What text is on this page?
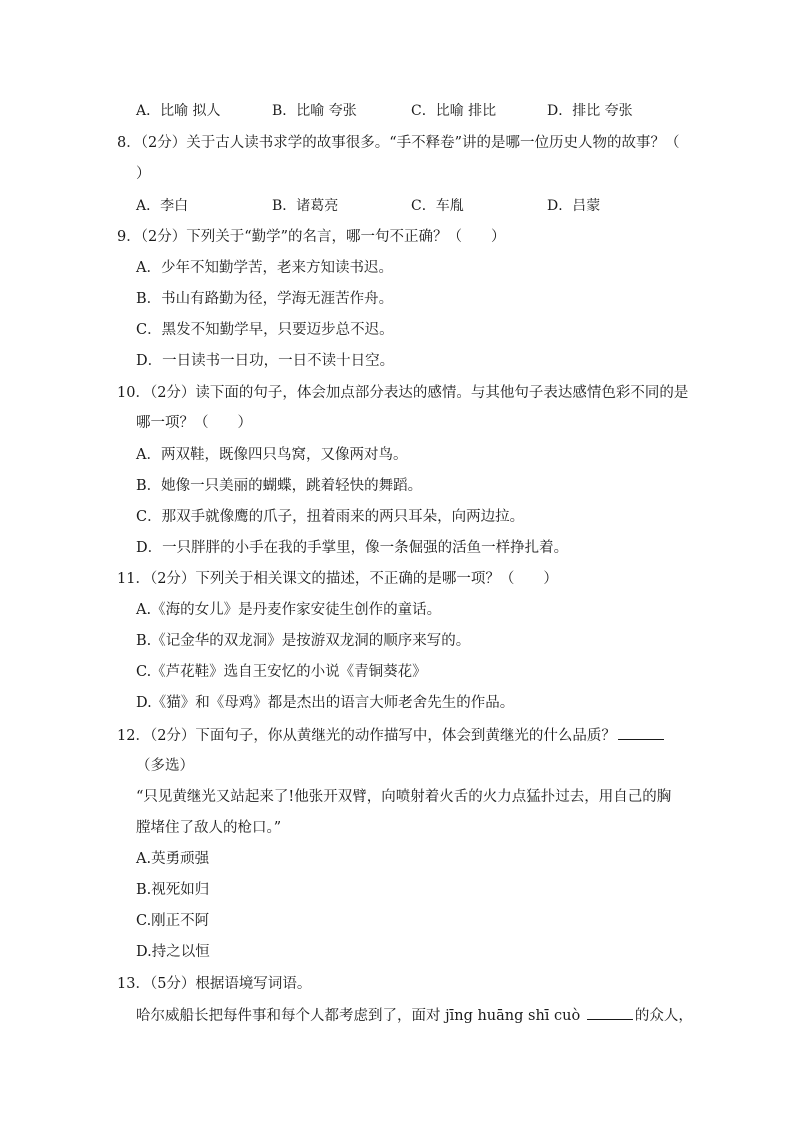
A．比喻 拟人	B．比喻 夸张	C．比喻 排比	D．排比 夸张
8．（2分）关于古人读书求学的故事很多。“手不释卷”讲的是哪一位历史人物的故事？（
）
A．李白	B．诸葛亮	C．车胤	D．吕蒙
9．（2分）下列关于“勤学”的名言，哪一句不正确？（　　）
A．少年不知勤学苦，老来方知读书迟。
B．书山有路勤为径，学海无涯苦作舟。
C．黑发不知勤学早，只要迈步总不迟。
D．一日读书一日功，一日不读十日空。
10．（2分）读下面的句子，体会加点部分表达的感情。与其他句子表达感情色彩不同的是
哪一项？（　　）
A．两双鞋，既像四只鸟窝，又像两对鸟。
B．她像一只美丽的蝴蝶，跳着轻快的舞蹈。
C．那双手就像鹰的爪子，扭着雨来的两只耳朵，向两边拉。
D．一只胖胖的小手在我的手掌里，像一条倔强的活鱼一样挣扎着。
11．（2分）下列关于相关课文的描述，不正确的是哪一项？（　　）
A.《海的女儿》是丹麦作家安徒生创作的童话。
B.《记金华的双龙洞》是按游双龙洞的顺序来写的。
C.《芦花鞋》选自王安忆的小说《青铜葵花》
D.《猫》和《母鸡》都是杰出的语言大师老舍先生的作品。
12．（2分）下面句子，你从黄继光的动作描写中，体会到黄继光的什么品质？
（多选）
“只见黄继光又站起来了!他张开双臂，向喷射着火舌的火力点猛扑过去，用自己的胸
膛堵住了敌人的枪口。”
A.英勇顽强
B.视死如归
C.刚正不阿
D.持之以恒
13．（5分）根据语境写词语。
哈尔威船长把每件事和每个人都考虑到了，面对 jīng huāng shī cuò	的众人，
